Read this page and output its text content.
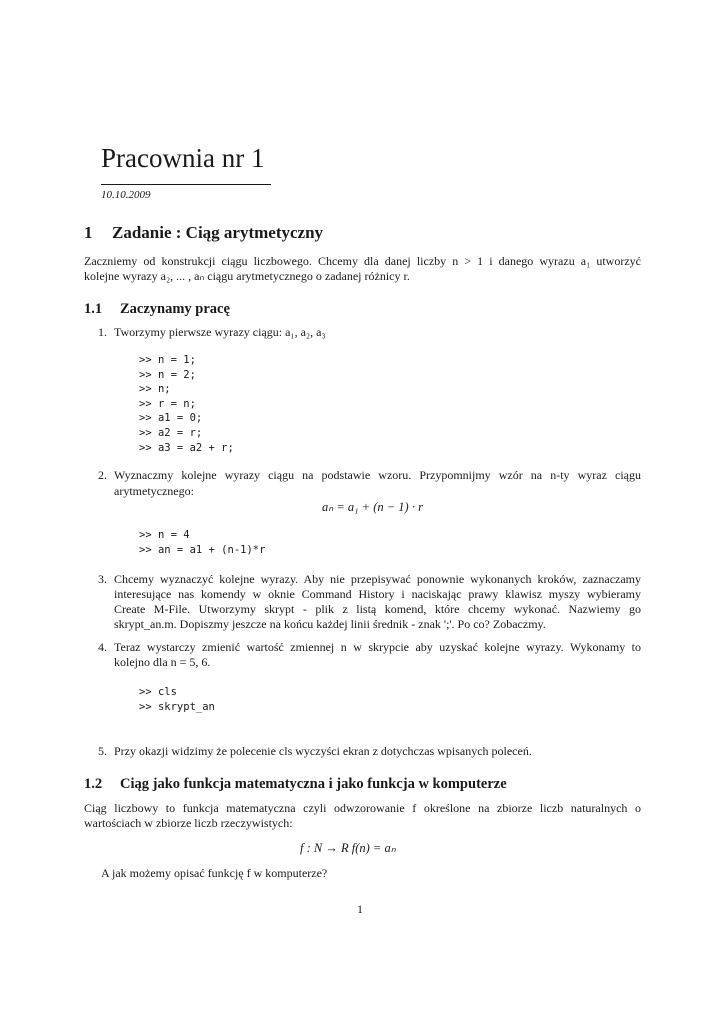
Pracownia nr 1
10.10.2009
1 Zadanie : Ciąg arytmetyczny
Zaczniemy od konstrukcji ciągu liczbowego. Chcemy dla danej liczby n > 1 i danego wyrazu a₁ utworzyć
kolejne wyrazy a₂, ... , aₙ ciągu arytmetycznego o zadanej różnicy r.
1.1 Zaczynamy pracę
1. Tworzymy pierwsze wyrazy ciągu: a₁, a₂, a₃
>> n = 1;
>> n = 2;
>> n;
>> r = n;
>> a1 = 0;
>> a2 = r;
>> a3 = a2 + r;
2. Wyznaczmy kolejne wyrazy ciągu na podstawie wzoru. Przypomnijmy wzór na n-ty wyraz ciągu
arytmetycznego:
aₙ = a₁ + (n − 1) · r
>> n = 4
>> an = a1 + (n-1)*r
3. Chcemy wyznaczyć kolejne wyrazy. Aby nie przepisywać ponownie wykonanych kroków, zaznaczamy
interesujące nas komendy w oknie Command History i naciskając prawy klawisz myszy wybieramy
Create M-File. Utworzymy skrypt - plik z listą komend, które chcemy wykonać. Nazwiemy go
skrypt_an.m. Dopiszmy jeszcze na końcu każdej linii średnik - znak ';'. Po co? Zobaczmy.
4. Teraz wystarczy zmienić wartość zmiennej n w skrypcie aby uzyskać kolejne wyrazy. Wykonamy to
kolejno dla n = 5, 6.
>> cls
>> skrypt_an
5. Przy okazji widzimy że polecenie cls wyczyści ekran z dotychczas wpisanych poleceń.
1.2 Ciąg jako funkcja matematyczna i jako funkcja w komputerze
Ciąg liczbowy to funkcja matematyczna czyli odwzorowanie f określone na zbiorze liczb naturalnych o
wartościach w zbiorze liczb rzeczywistych:
f : N → R f(n) = aₙ
A jak możemy opisać funkcję f w komputerze?
1
